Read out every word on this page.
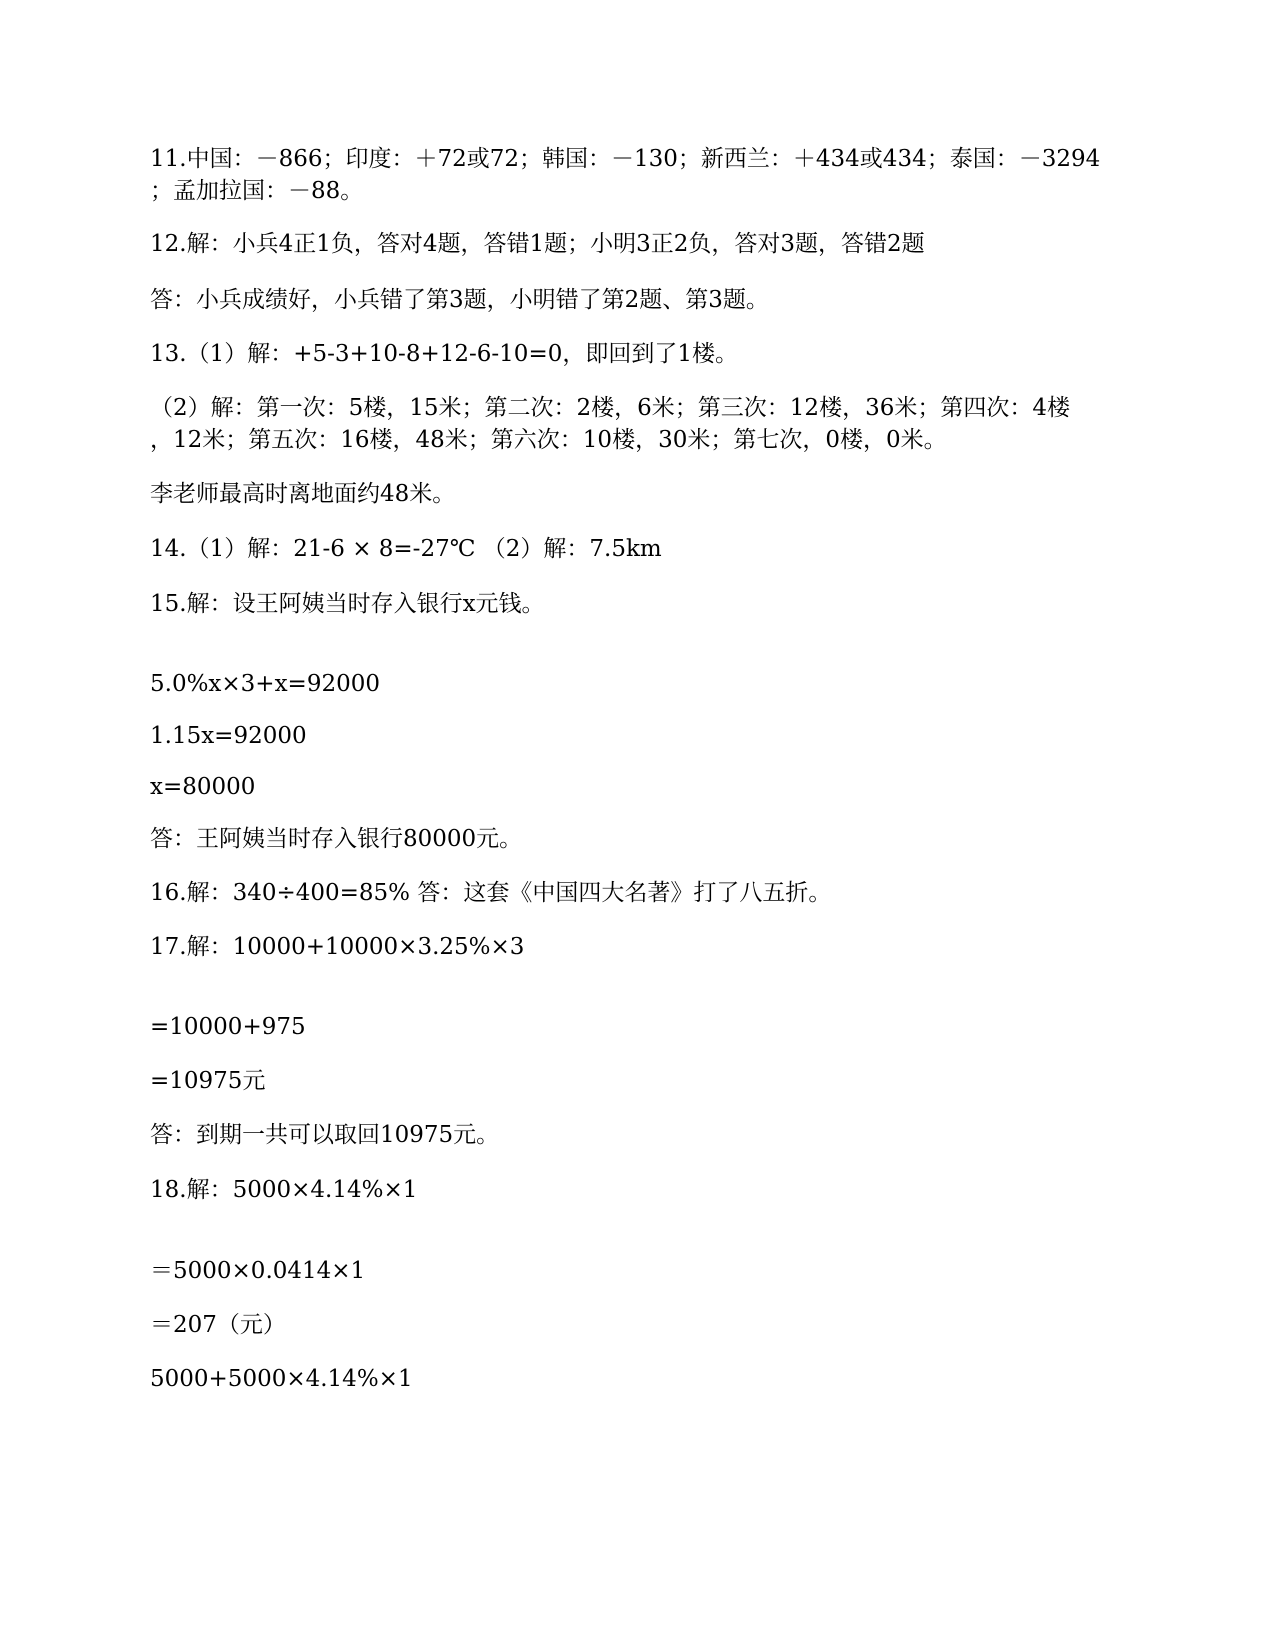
11.中国：－866；印度：＋72或72；韩国：－130；新西兰：＋434或434；泰国：－3294
；孟加拉国：－88。
12.解：小兵4正1负，答对4题，答错1题；小明3正2负，答对3题，答错2题
答：小兵成绩好，小兵错了第3题，小明错了第2题、第3题。
13.（1）解：+5-3+10-8+12-6-10=0，即回到了1楼。
（2）解：第一次：5楼，15米；第二次：2楼，6米；第三次：12楼，36米；第四次：4楼
，12米；第五次：16楼，48米；第六次：10楼，30米；第七次，0楼，0米。
李老师最高时离地面约48米。
14.（1）解：21-6 × 8=-27℃ （2）解：7.5km
15.解：设王阿姨当时存入银行x元钱。
5.0%x×3+x=92000
1.15x=92000
x=80000
答：王阿姨当时存入银行80000元。
16.解：340÷400=85% 答：这套《中国四大名著》打了八五折。
17.解：10000+10000×3.25%×3
=10000+975
=10975元
答：到期一共可以取回10975元。
18.解：5000×4.14%×1
＝5000×0.0414×1
＝207（元）
5000+5000×4.14%×1
